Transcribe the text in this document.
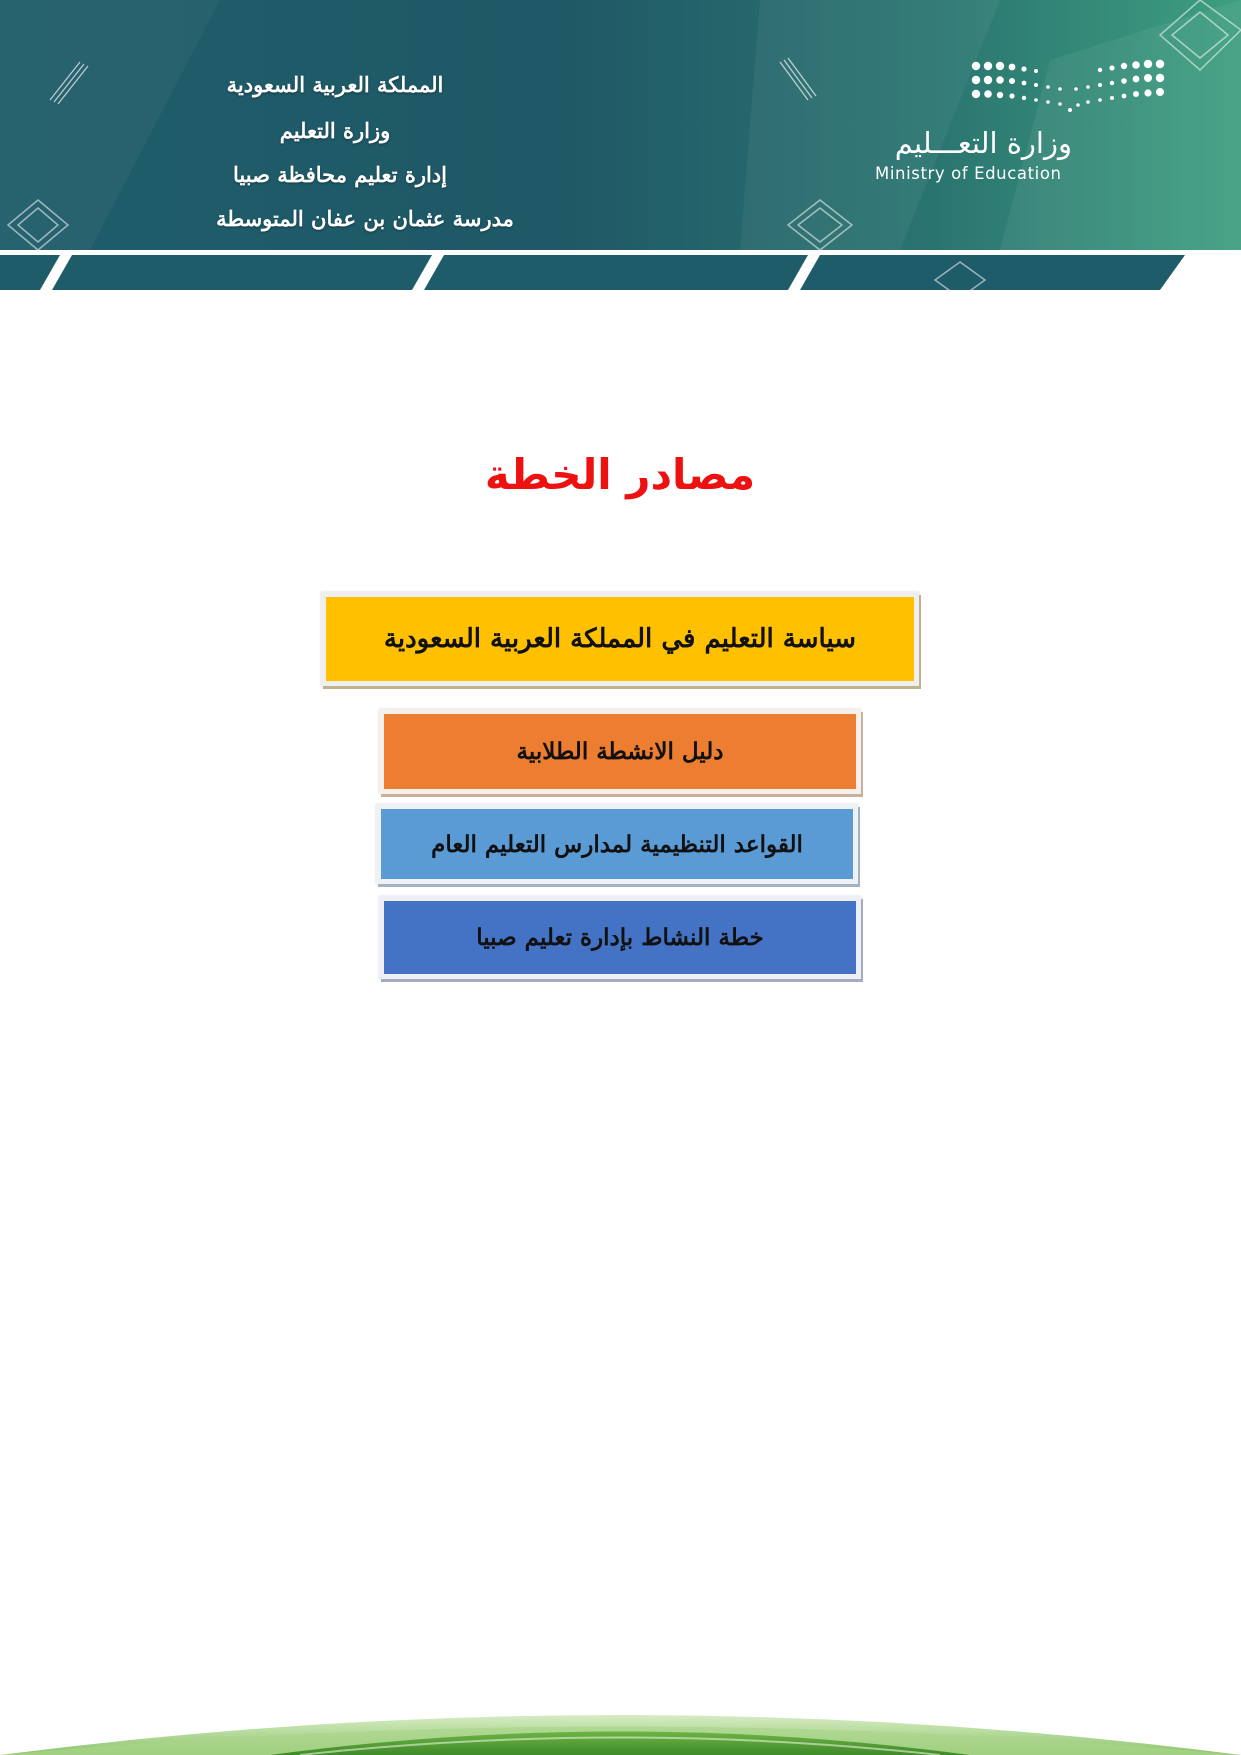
المملكة العربية السعودية
وزارة التعليم
إدارة تعليم محافظة صبيا
مدرسة عثمان بن عفان المتوسطة
وزارة التعـــليم
Ministry of Education
مصادر الخطة
سياسة التعليم في المملكة العربية السعودية
دليل الانشطة الطلابية
القواعد التنظيمية لمدارس التعليم العام
خطة النشاط بإدارة تعليم صبيا
